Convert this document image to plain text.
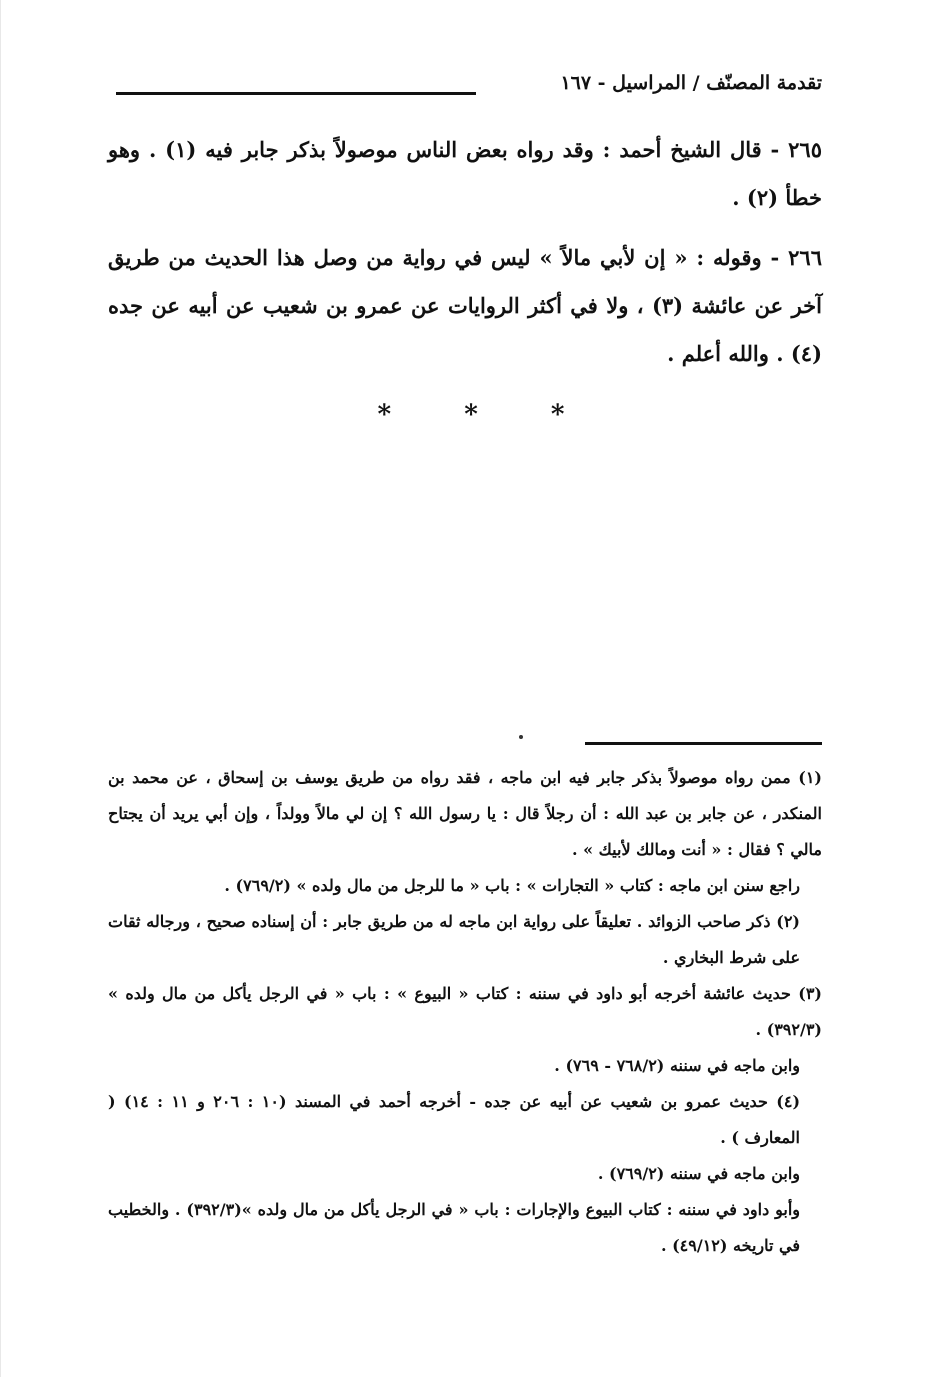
تقدمة المصنّف / المراسيل - ١٦٧

٢٦٥ - قال الشيخ أحمد : وقد رواه بعض الناس موصولاً بذكر جابر فيه (١) . وهو خطأ (٢) .

٢٦٦ - وقوله : « إن لأبي مالاً » ليس في رواية من وصل هذا الحديث من طريق آخر عن عائشة (٣) ، ولا في أكثر الروايات عن عمرو بن شعيب عن أبيه عن جده (٤) . والله أعلم .

* * *

(١) ممن رواه موصولاً بذكر جابر فيه ابن ماجه ، فقد رواه من طريق يوسف بن إسحاق ، عن محمد بن المنكدر ، عن جابر بن عبد الله : أن رجلاً قال : يا رسول الله ؟ إن لي مالاً وولداً ، وإن أبي يريد أن يجتاح مالي ؟ فقال : « أنت ومالك لأبيك » .

راجع سنن ابن ماجه : كتاب « التجارات » : باب « ما للرجل من مال ولده » (٧٦٩/٢) .

(٢) ذكر صاحب الزوائد . تعليقاً على رواية ابن ماجه له من طريق جابر : أن إسناده صحيح ، ورجاله ثقات على شرط البخاري .

(٣) حديث عائشة أخرجه أبو داود في سننه : كتاب « البيوع » : باب « في الرجل يأكل من مال ولده » (٣٩٢/٣) .

وابن ماجه في سننه (٧٦٨/٢ - ٧٦٩) .

(٤) حديث عمرو بن شعيب عن أبيه عن جده - أخرجه أحمد في المسند (١٠ : ٢٠٦ و ١١ : ١٤) ( المعارف ) .

وابن ماجه في سننه (٧٦٩/٢) .

وأبو داود في سننه : كتاب البيوع والإجارات : باب « في الرجل يأكل من مال ولده »(٣٩٢/٣) . والخطيب في تاريخه (٤٩/١٢) .
